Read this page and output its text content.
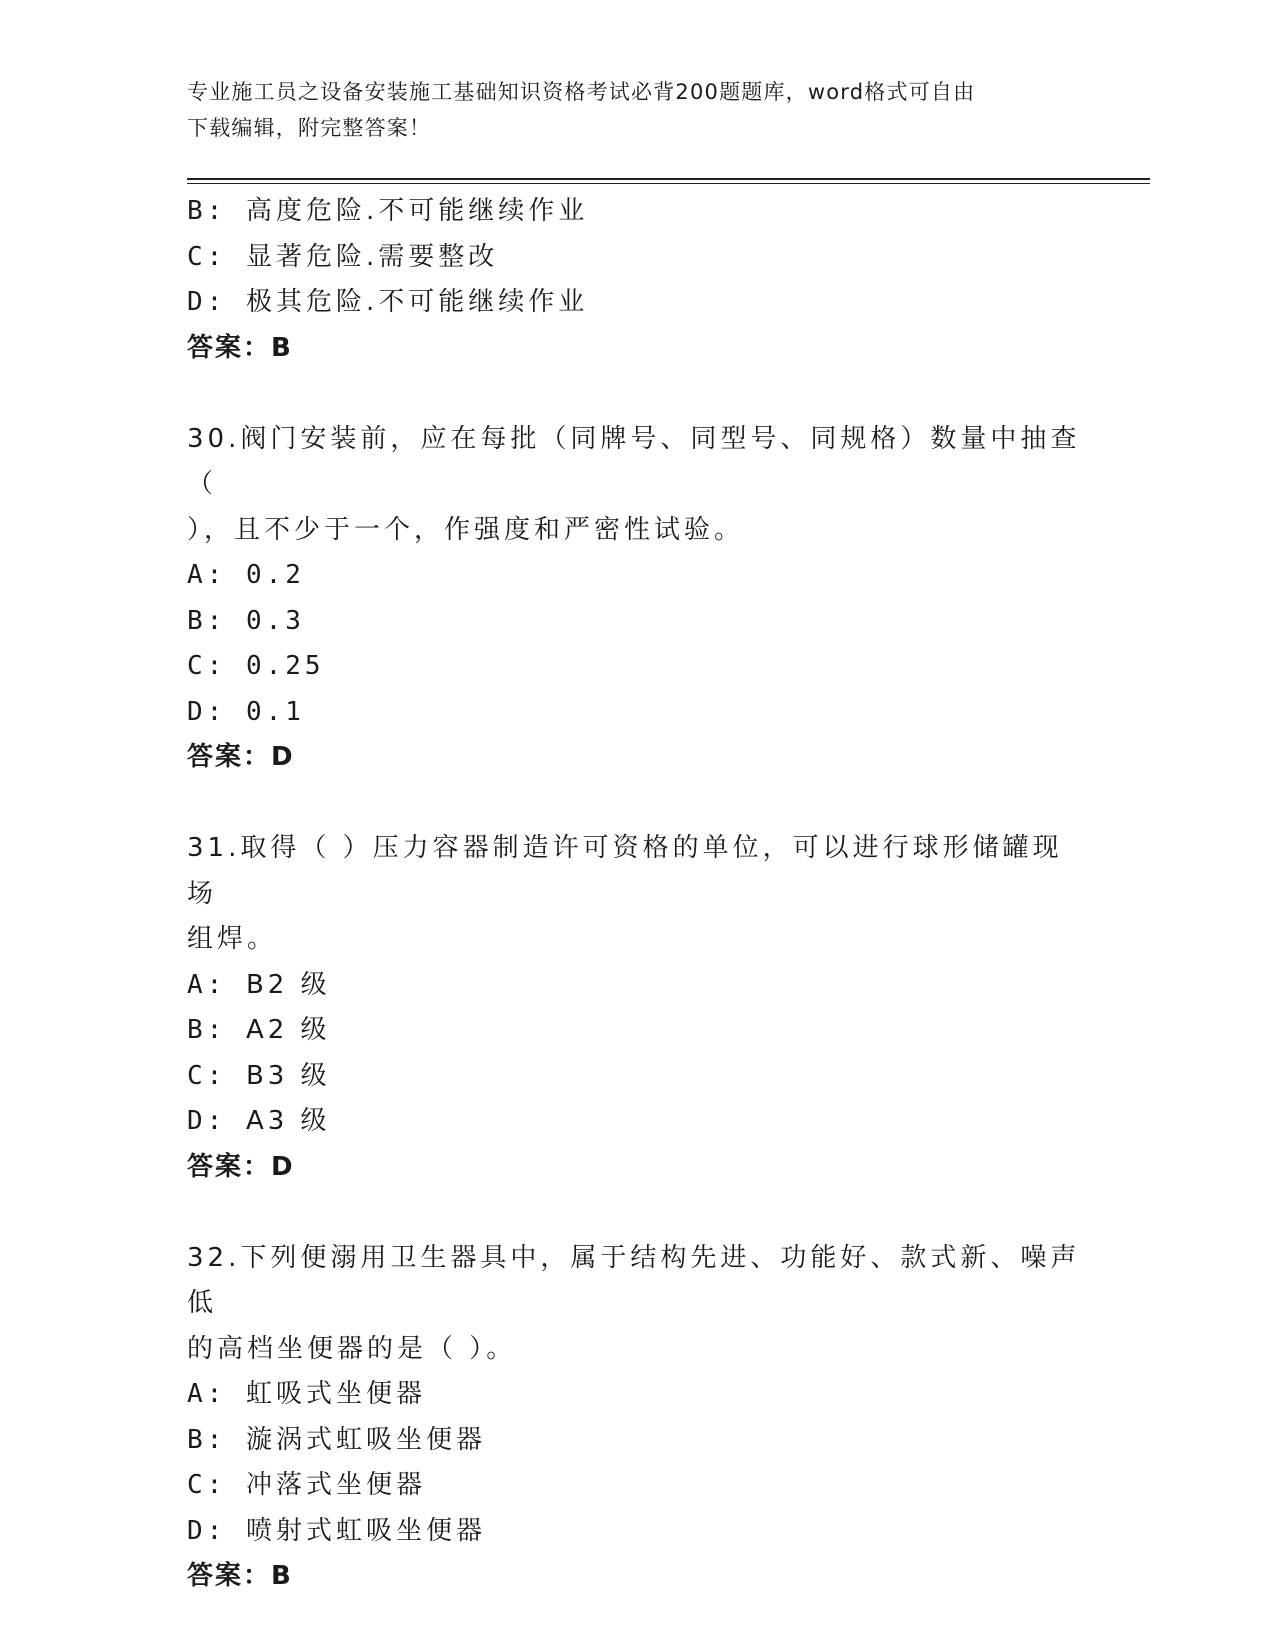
专业施工员之设备安装施工基础知识资格考试必背200题题库，word格式可自由
下载编辑，附完整答案！
B: 高度危险.不可能继续作业
C: 显著危险.需要整改
D: 极其危险.不可能继续作业
答案：B
30.阀门安装前，应在每批（同牌号、同型号、同规格）数量中抽查（
），且不少于一个，作强度和严密性试验。
A: 0.2
B: 0.3
C: 0.25
D: 0.1
答案：D
31.取得（ ）压力容器制造许可资格的单位，可以进行球形储罐现场
组焊。
A: B2 级
B: A2 级
C: B3 级
D: A3 级
答案：D
32.下列便溺用卫生器具中，属于结构先进、功能好、款式新、噪声低
的高档坐便器的是（ ）。
A: 虹吸式坐便器
B: 漩涡式虹吸坐便器
C: 冲落式坐便器
D: 喷射式虹吸坐便器
答案：B
